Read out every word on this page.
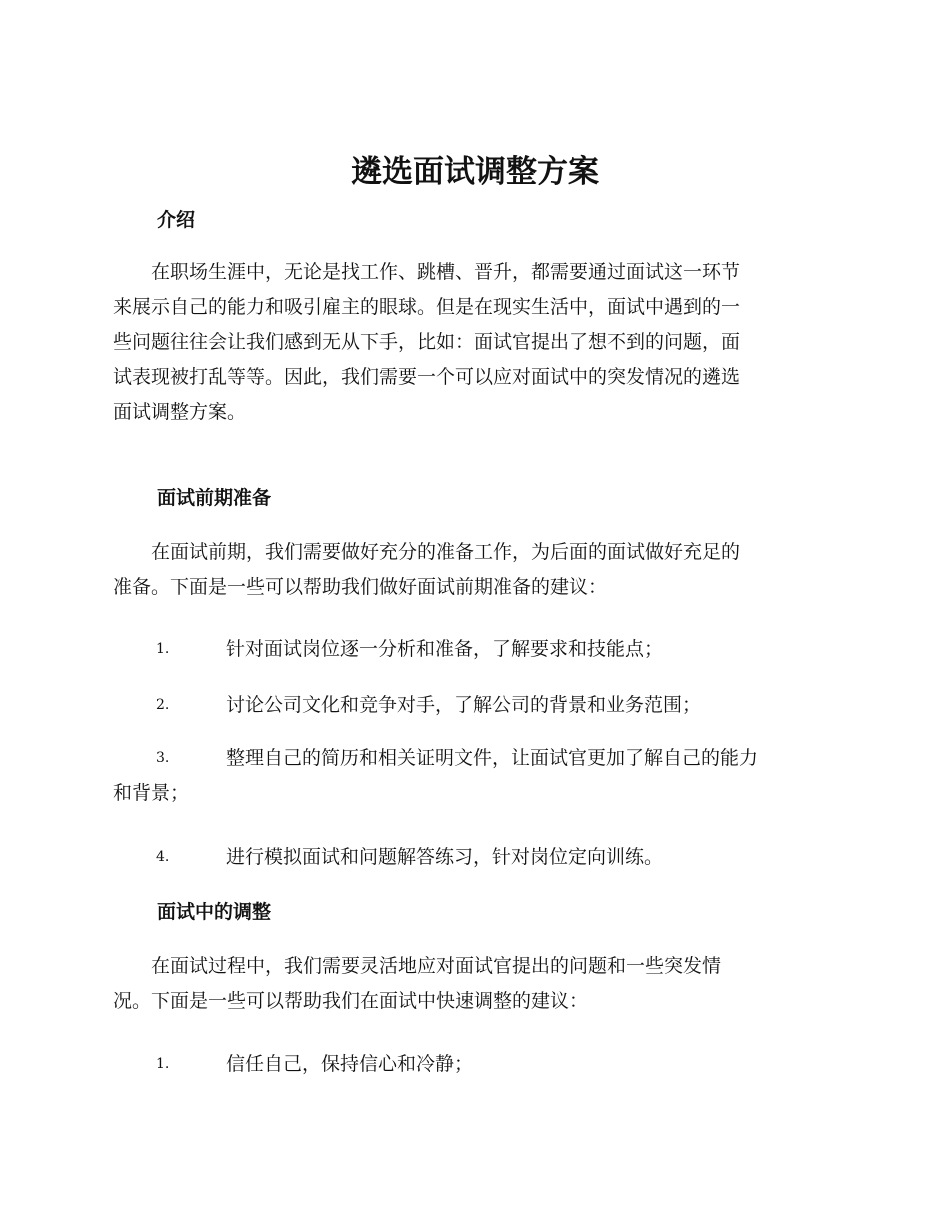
遴选面试调整方案
介绍
　　在职场生涯中，无论是找工作、跳槽、晋升，都需要通过面试这一环节
来展示自己的能力和吸引雇主的眼球。但是在现实生活中，面试中遇到的一
些问题往往会让我们感到无从下手，比如：面试官提出了想不到的问题，面
试表现被打乱等等。因此，我们需要一个可以应对面试中的突发情况的遴选
面试调整方案。
面试前期准备
　　在面试前期，我们需要做好充分的准备工作，为后面的面试做好充足的
准备。下面是一些可以帮助我们做好面试前期准备的建议：
1.	针对面试岗位逐一分析和准备，了解要求和技能点；
2.	讨论公司文化和竞争对手，了解公司的背景和业务范围；
3.	整理自己的简历和相关证明文件，让面试官更加了解自己的能力
和背景；
4.	进行模拟面试和问题解答练习，针对岗位定向训练。
面试中的调整
　　在面试过程中，我们需要灵活地应对面试官提出的问题和一些突发情
况。下面是一些可以帮助我们在面试中快速调整的建议：
1.	信任自己，保持信心和冷静；
